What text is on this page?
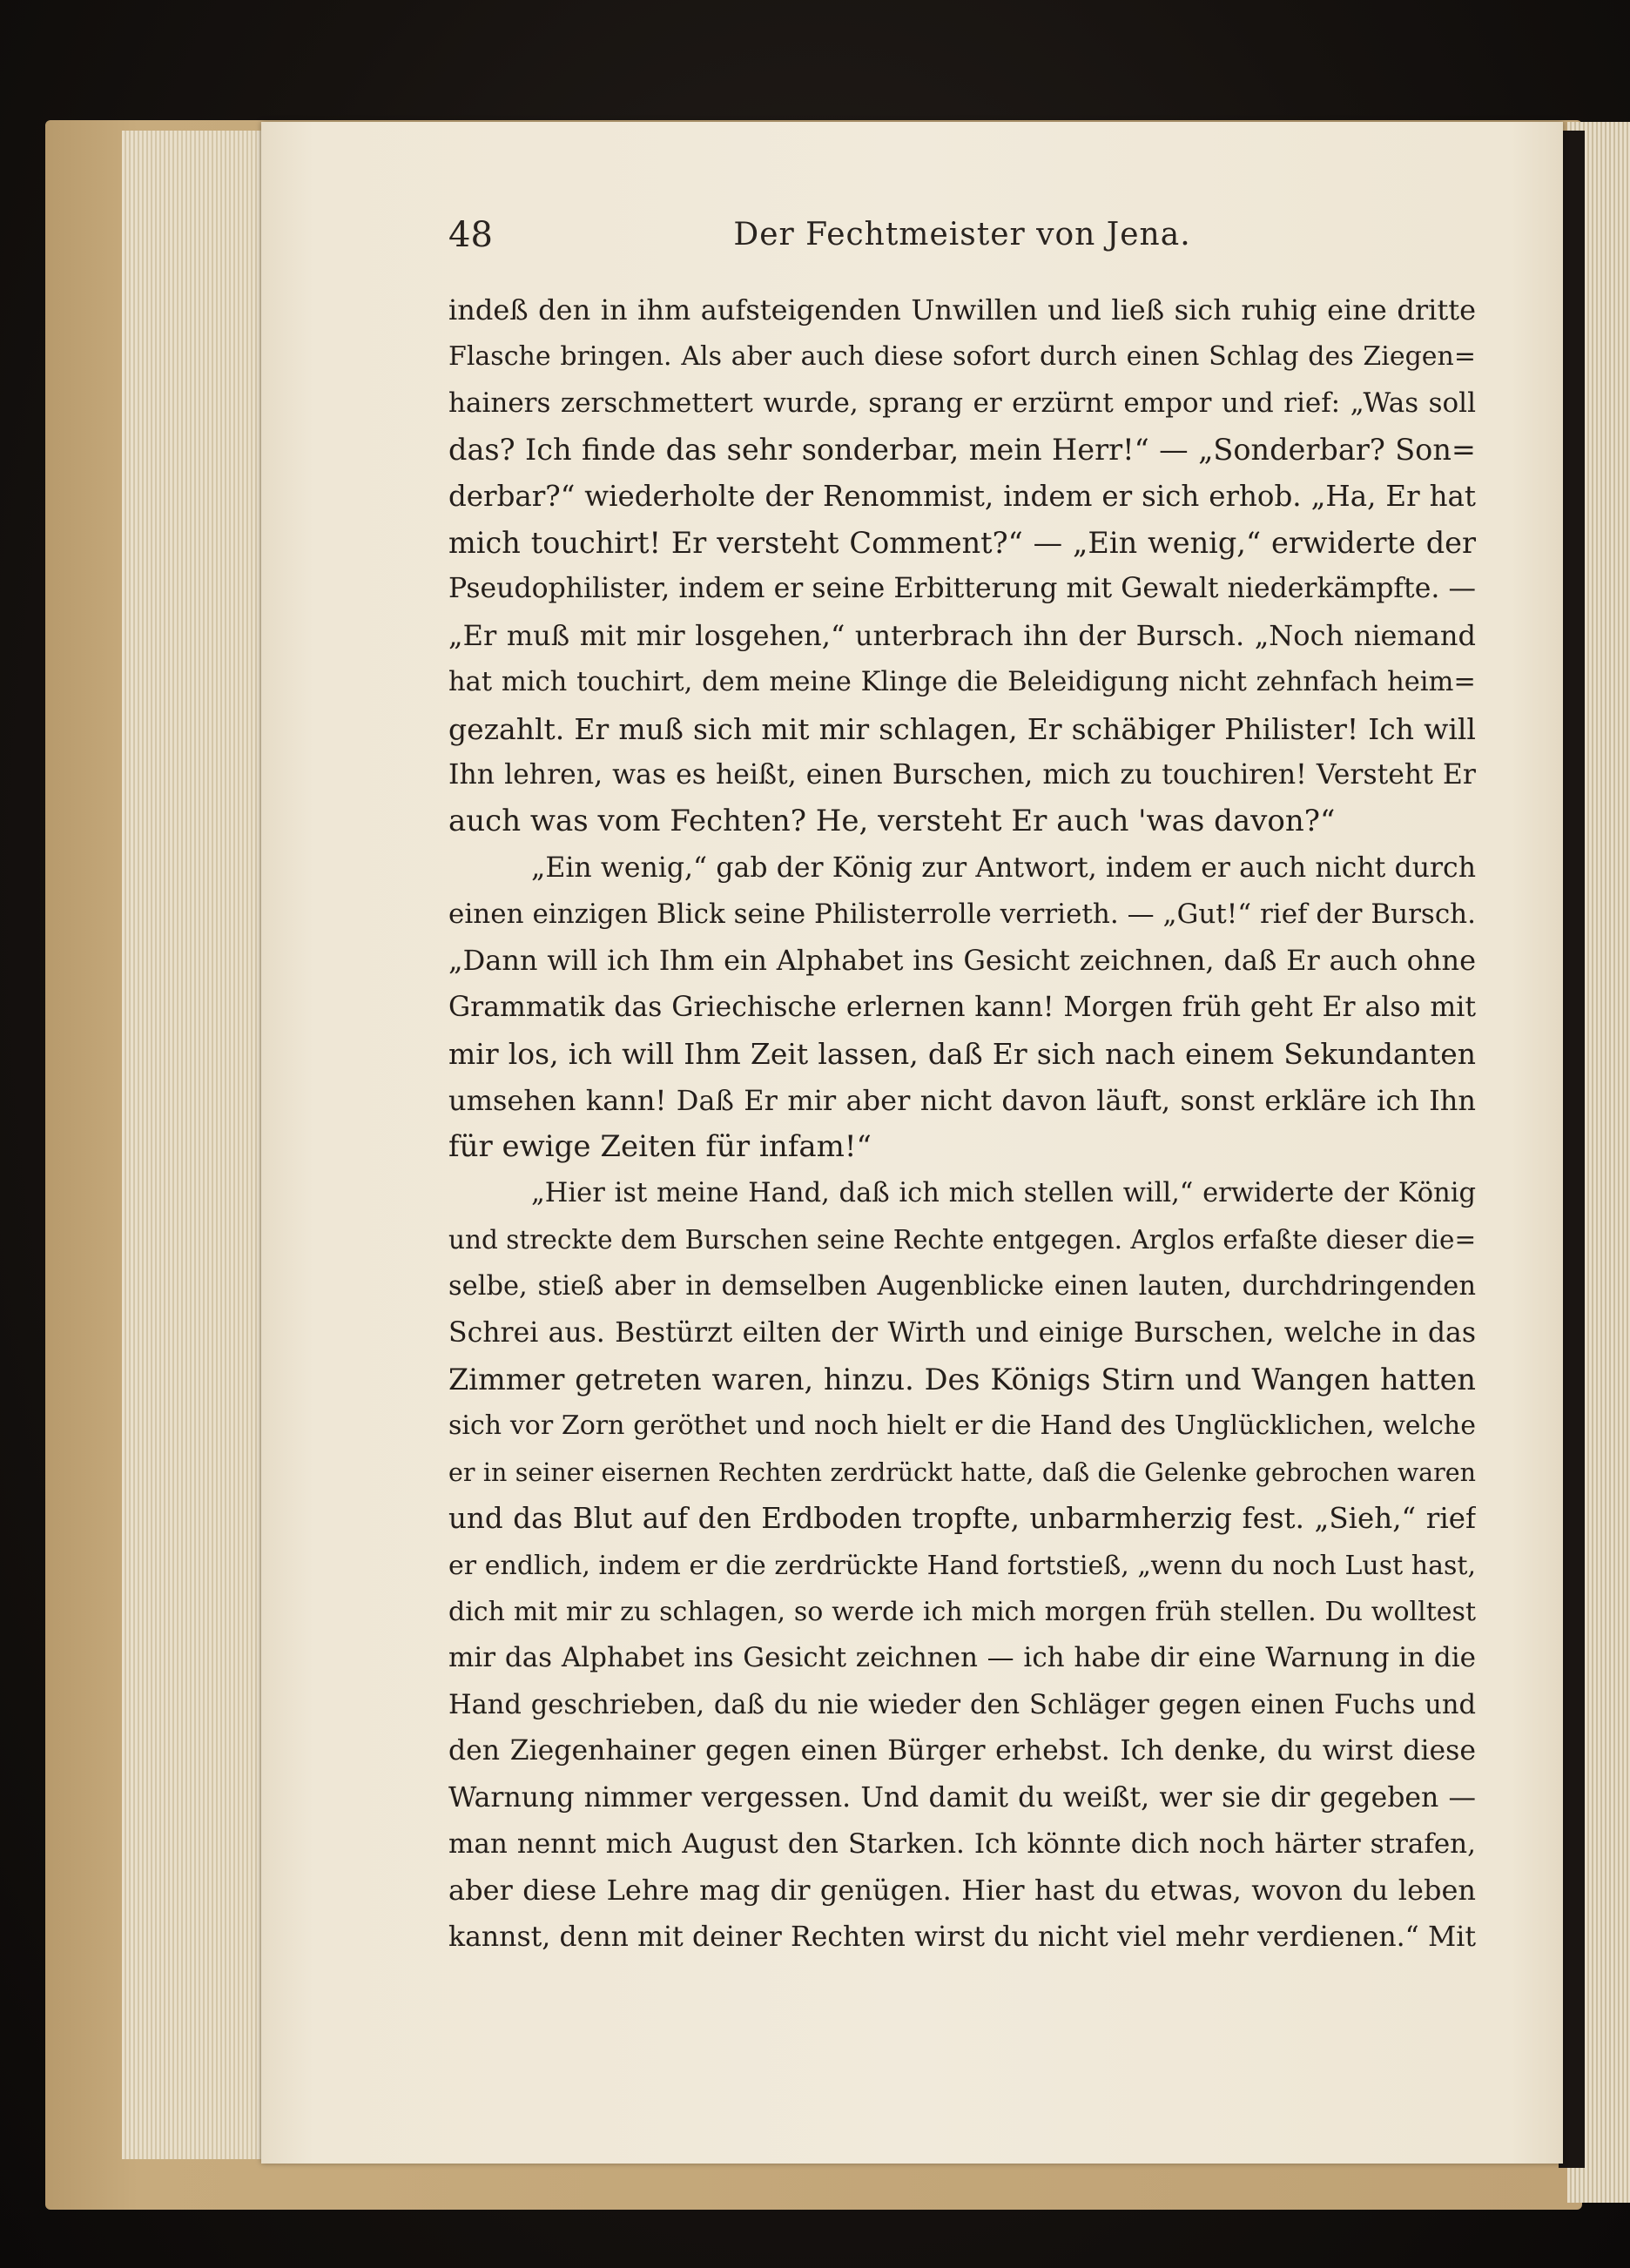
48	Der Fechtmeister von Jena.
indeß den in ihm aufsteigenden Unwillen und ließ sich ruhig eine dritte
Flasche bringen. Als aber auch diese sofort durch einen Schlag des Ziegen=
hainers zerschmettert wurde, sprang er erzürnt empor und rief: „Was soll
das? Ich finde das sehr sonderbar, mein Herr!“ — „Sonderbar? Son=
derbar?“ wiederholte der Renommist, indem er sich erhob. „Ha, Er hat
mich touchirt! Er versteht Comment?“ — „Ein wenig,“ erwiderte der
Pseudophilister, indem er seine Erbitterung mit Gewalt niederkämpfte. —
„Er muß mit mir losgehen,“ unterbrach ihn der Bursch. „Noch niemand
hat mich touchirt, dem meine Klinge die Beleidigung nicht zehnfach heim=
gezahlt. Er muß sich mit mir schlagen, Er schäbiger Philister! Ich will
Ihn lehren, was es heißt, einen Burschen, mich zu touchiren! Versteht Er
auch was vom Fechten? He, versteht Er auch 'was davon?“
„Ein wenig,“ gab der König zur Antwort, indem er auch nicht durch
einen einzigen Blick seine Philisterrolle verrieth. — „Gut!“ rief der Bursch.
„Dann will ich Ihm ein Alphabet ins Gesicht zeichnen, daß Er auch ohne
Grammatik das Griechische erlernen kann! Morgen früh geht Er also mit
mir los, ich will Ihm Zeit lassen, daß Er sich nach einem Sekundanten
umsehen kann! Daß Er mir aber nicht davon läuft, sonst erkläre ich Ihn
für ewige Zeiten für infam!“
„Hier ist meine Hand, daß ich mich stellen will,“ erwiderte der König
und streckte dem Burschen seine Rechte entgegen. Arglos erfaßte dieser die=
selbe, stieß aber in demselben Augenblicke einen lauten, durchdringenden
Schrei aus. Bestürzt eilten der Wirth und einige Burschen, welche in das
Zimmer getreten waren, hinzu. Des Königs Stirn und Wangen hatten
sich vor Zorn geröthet und noch hielt er die Hand des Unglücklichen, welche
er in seiner eisernen Rechten zerdrückt hatte, daß die Gelenke gebrochen waren
und das Blut auf den Erdboden tropfte, unbarmherzig fest. „Sieh,“ rief
er endlich, indem er die zerdrückte Hand fortstieß, „wenn du noch Lust hast,
dich mit mir zu schlagen, so werde ich mich morgen früh stellen. Du wolltest
mir das Alphabet ins Gesicht zeichnen — ich habe dir eine Warnung in die
Hand geschrieben, daß du nie wieder den Schläger gegen einen Fuchs und
den Ziegenhainer gegen einen Bürger erhebst. Ich denke, du wirst diese
Warnung nimmer vergessen. Und damit du weißt, wer sie dir gegeben —
man nennt mich August den Starken. Ich könnte dich noch härter strafen,
aber diese Lehre mag dir genügen. Hier hast du etwas, wovon du leben
kannst, denn mit deiner Rechten wirst du nicht viel mehr verdienen.“ Mit
